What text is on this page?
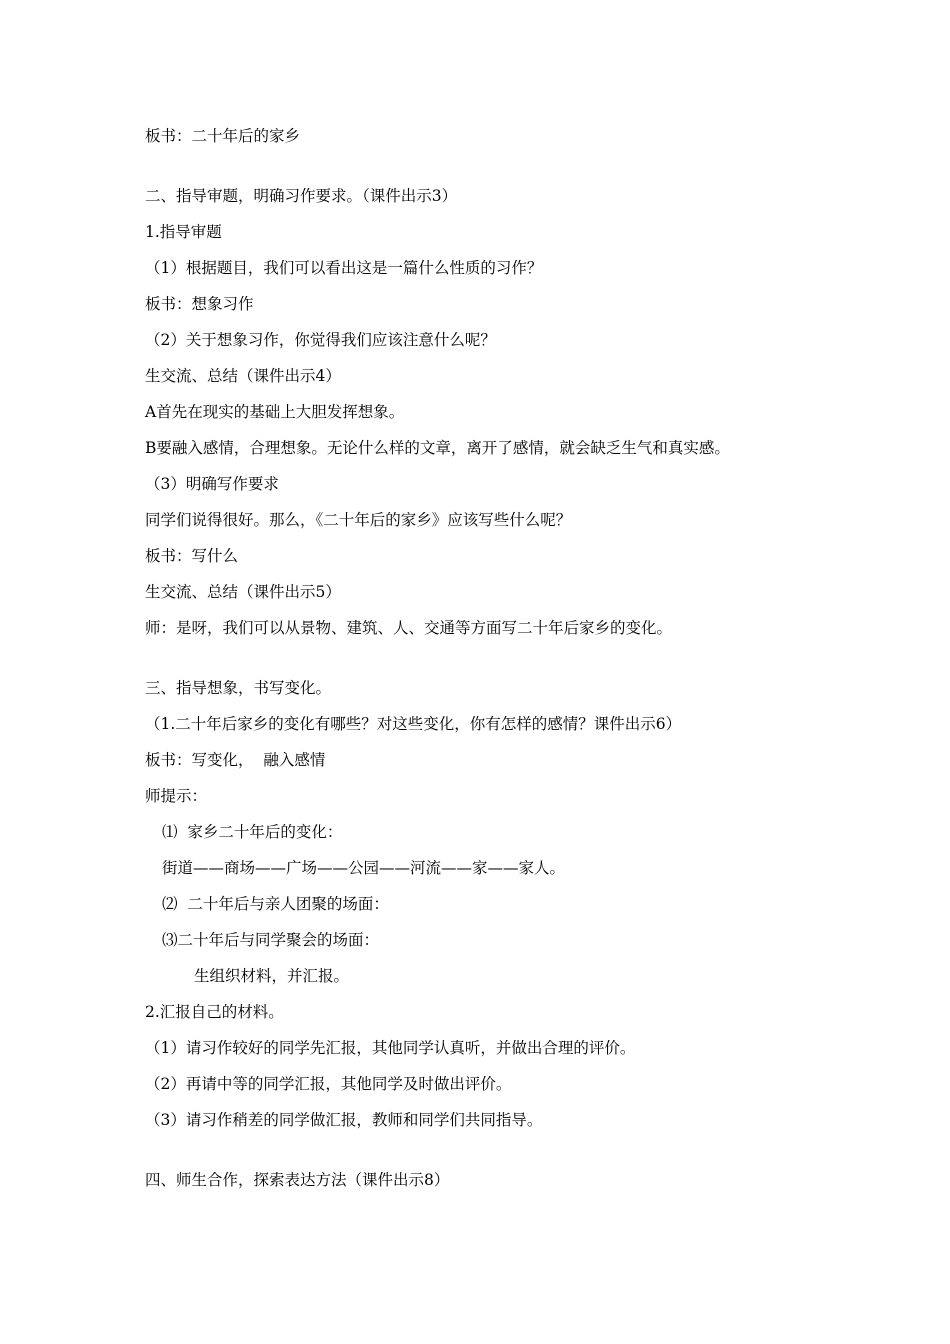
板书：二十年后的家乡
二、指导审题，明确习作要求。（课件出示3）
1.指导审题
（1）根据题目，我们可以看出这是一篇什么性质的习作？
板书：想象习作
（2）关于想象习作，你觉得我们应该注意什么呢？
生交流、总结（课件出示4）
A首先在现实的基础上大胆发挥想象。
B要融入感情，合理想象。无论什么样的文章，离开了感情，就会缺乏生气和真实感。
（3）明确写作要求
同学们说得很好。那么，《二十年后的家乡》应该写些什么呢？
板书：写什么
生交流、总结（课件出示5）
师：是呀，我们可以从景物、建筑、人、交通等方面写二十年后家乡的变化。
三、指导想象，书写变化。
（1.二十年后家乡的变化有哪些？对这些变化，你有怎样的感情？课件出示6）
板书：写变化，  融入感情
师提示：
⑴  家乡二十年后的变化：
街道——商场——广场——公园——河流——家——家人。
⑵  二十年后与亲人团聚的场面：
⑶二十年后与同学聚会的场面：
生组织材料，并汇报。
2.汇报自己的材料。
（1）请习作较好的同学先汇报，其他同学认真听，并做出合理的评价。
（2）再请中等的同学汇报，其他同学及时做出评价。
（3）请习作稍差的同学做汇报，教师和同学们共同指导。
四、师生合作，探索表达方法（课件出示8）
